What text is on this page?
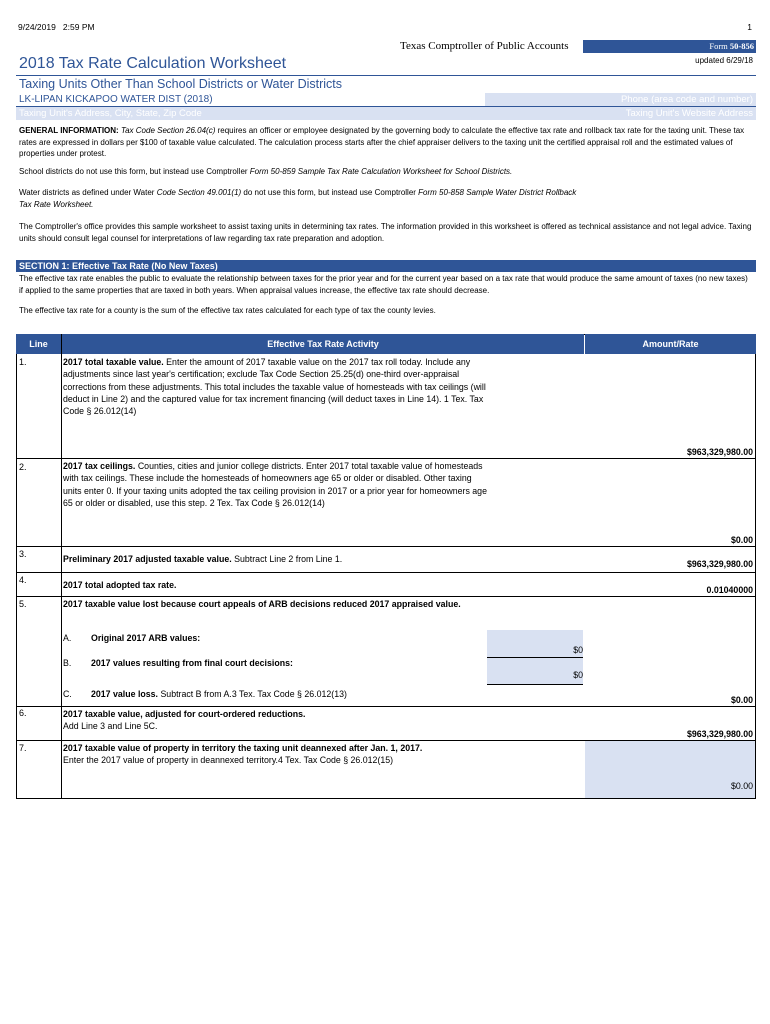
9/24/2019 2:59 PM	1
Texas Comptroller of Public Accounts	Form 50-856
updated 6/29/18
2018 Tax Rate Calculation Worksheet
Taxing Units Other Than School Districts or Water Districts
LK-LIPAN KICKAPOO WATER DIST (2018)	Phone (area code and number)
Taxing Unit's Address, City, State, Zip Code	Taxing Unit's Website Address
GENERAL INFORMATION: Tax Code Section 26.04(c) requires an officer or employee designated by the governing body to calculate the effective tax rate and rollback tax rate for the taxing unit. These tax rates are expressed in dollars per $100 of taxable value calculated. The calculation process starts after the chief appraiser delivers to the taxing unit the certified appraisal roll and the estimated values of properties under protest.
School districts do not use this form, but instead use Comptroller Form 50-859 Sample Tax Rate Calculation Worksheet for School Districts.
Water districts as defined under Water Code Section 49.001(1) do not use this form, but instead use Comptroller Form 50-858 Sample Water District Rollback Tax Rate Worksheet.
The Comptroller's office provides this sample worksheet to assist taxing units in determining tax rates. The information provided in this worksheet is offered as technical assistance and not legal advice. Taxing units should consult legal counsel for interpretations of law regarding tax rate preparation and adoption.
SECTION 1: Effective Tax Rate (No New Taxes)
The effective tax rate enables the public to evaluate the relationship between taxes for the prior year and for the current year based on a tax rate that would produce the same amount of taxes (no new taxes) if applied to the same properties that are taxed in both years. When appraisal values increase, the effective tax rate should decrease.
The effective tax rate for a county is the sum of the effective tax rates calculated for each type of tax the county levies.
Line	Effective Tax Rate Activity	Amount/Rate
1.	2017 total taxable value. Enter the amount of 2017 taxable value on the 2017 tax roll today. Include any adjustments since last year's certification; exclude Tax Code Section 25.25(d) one-third over-appraisal corrections from these adjustments. This total includes the taxable value of homesteads with tax ceilings (will deduct in Line 2) and the captured value for tax increment financing (will deduct taxes in Line 14). 1 Tex. Tax Code § 26.012(14)
$963,329,980.00
2.	2017 tax ceilings. Counties, cities and junior college districts. Enter 2017 total taxable value of homesteads with tax ceilings. These include the homesteads of homeowners age 65 or older or disabled. Other taxing units enter 0. If your taxing units adopted the tax ceiling provision in 2017 or a prior year for homeowners age 65 or older or disabled, use this step. 2 Tex. Tax Code § 26.012(14)
$0.00
3.	Preliminary 2017 adjusted taxable value. Subtract Line 2 from Line 1.	$963,329,980.00
4.	2017 total adopted tax rate.	0.01040000
5.	2017 taxable value lost because court appeals of ARB decisions reduced 2017 appraised value.
A. Original 2017 ARB values:
$0
B. 2017 values resulting from final court decisions:
$0
C. 2017 value loss. Subtract B from A.3 Tex. Tax Code § 26.012(13)
$0.00
6.	2017 taxable value, adjusted for court-ordered reductions.
Add Line 3 and Line 5C.
$963,329,980.00
7.	2017 taxable value of property in territory the taxing unit deannexed after Jan. 1, 2017.
Enter the 2017 value of property in deannexed territory.4 Tex. Tax Code § 26.012(15)
$0.00
